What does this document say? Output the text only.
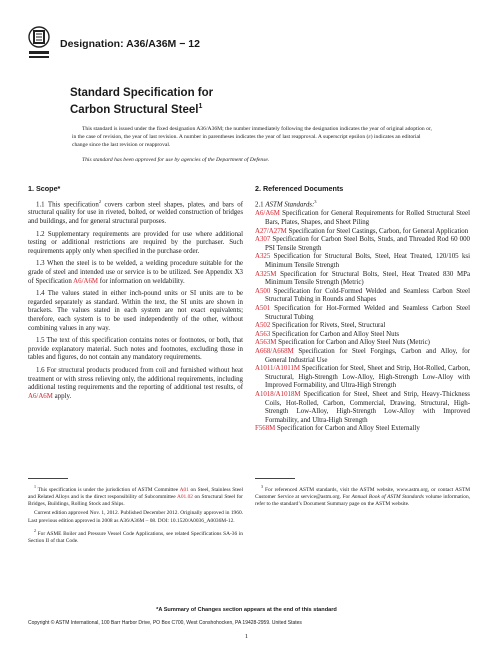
Designation: A36/A36M − 12
Standard Specification for
Carbon Structural Steel$^1$

This standard is issued under the fixed designation A36/A36M; the number immediately following the designation indicates the year of original adoption or, in the case of revision, the year of last revision. A number in parentheses indicates the year of last reapproval. A superscript epsilon (ε) indicates an editorial change since the last revision or reapproval.

This standard has been approved for use by agencies of the Department of Defense.

1. Scope*

1.1 This specification$^2$ covers carbon steel shapes, plates, and bars of structural quality for use in riveted, bolted, or welded construction of bridges and buildings, and for general structural purposes.

1.2 Supplementary requirements are provided for use where additional testing or additional restrictions are required by the purchaser. Such requirements apply only when specified in the purchase order.

1.3 When the steel is to be welded, a welding procedure suitable for the grade of steel and intended use or service is to be utilized. See Appendix X3 of Specification A6/A6M for information on weldability.

1.4 The values stated in either inch-pound units or SI units are to be regarded separately as standard. Within the text, the SI units are shown in brackets. The values stated in each system are not exact equivalents; therefore, each system is to be used independently of the other, without combining values in any way.

1.5 The text of this specification contains notes or footnotes, or both, that provide explanatory material. Such notes and footnotes, excluding those in tables and figures, do not contain any mandatory requirements.

1.6 For structural products produced from coil and furnished without heat treatment or with stress relieving only, the additional requirements, including additional testing requirements and the reporting of additional test results, of A6/A6M apply.

2. Referenced Documents
2.1 ASTM Standards:$^3$
A6/A6M Specification for General Requirements for Rolled Structural Steel Bars, Plates, Shapes, and Sheet Piling
A27/A27M Specification for Steel Castings, Carbon, for General Application
A307 Specification for Carbon Steel Bolts, Studs, and Threaded Rod 60 000 PSI Tensile Strength
A325 Specification for Structural Bolts, Steel, Heat Treated, 120/105 ksi Minimum Tensile Strength
A325M Specification for Structural Bolts, Steel, Heat Treated 830 MPa Minimum Tensile Strength (Metric)
A500 Specification for Cold-Formed Welded and Seamless Carbon Steel Structural Tubing in Rounds and Shapes
A501 Specification for Hot-Formed Welded and Seamless Carbon Steel Structural Tubing
A502 Specification for Rivets, Steel, Structural
A563 Specification for Carbon and Alloy Steel Nuts
A563M Specification for Carbon and Alloy Steel Nuts (Metric)
A668/A668M Specification for Steel Forgings, Carbon and Alloy, for General Industrial Use
A1011/A1011M Specification for Steel, Sheet and Strip, Hot-Rolled, Carbon, Structural, High-Strength Low-Alloy, High-Strength Low-Alloy with Improved Formability, and Ultra-High Strength
A1018/A1018M Specification for Steel, Sheet and Strip, Heavy-Thickness Coils, Hot-Rolled, Carbon, Commercial, Drawing, Structural, High-Strength Low-Alloy, High-Strength Low-Alloy with Improved Formability, and Ultra-High Strength
F568M Specification for Carbon and Alloy Steel Externally

$^1$ This specification is under the jurisdiction of ASTM Committee A01 on Steel, Stainless Steel and Related Alloys and is the direct responsibility of Subcommittee A01.02 on Structural Steel for Bridges, Buildings, Rolling Stock and Ships.

Current edition approved Nov. 1, 2012. Published December 2012. Originally approved in 1960. Last previous edition approved in 2008 as A36/A36M – 08. DOI: 10.1520/A0036_A0036M-12.

$^2$ For ASME Boiler and Pressure Vessel Code Applications, see related Specifications SA-36 in Section II of that Code.

$^3$ For referenced ASTM standards, visit the ASTM website, www.astm.org, or contact ASTM Customer Service at service@astm.org. For Annual Book of ASTM Standards volume information, refer to the standard’s Document Summary page on the ASTM website.

*A Summary of Changes section appears at the end of this standard
Copyright © ASTM International, 100 Barr Harbor Drive, PO Box C700, West Conshohocken, PA 19428-2959. United States
1
